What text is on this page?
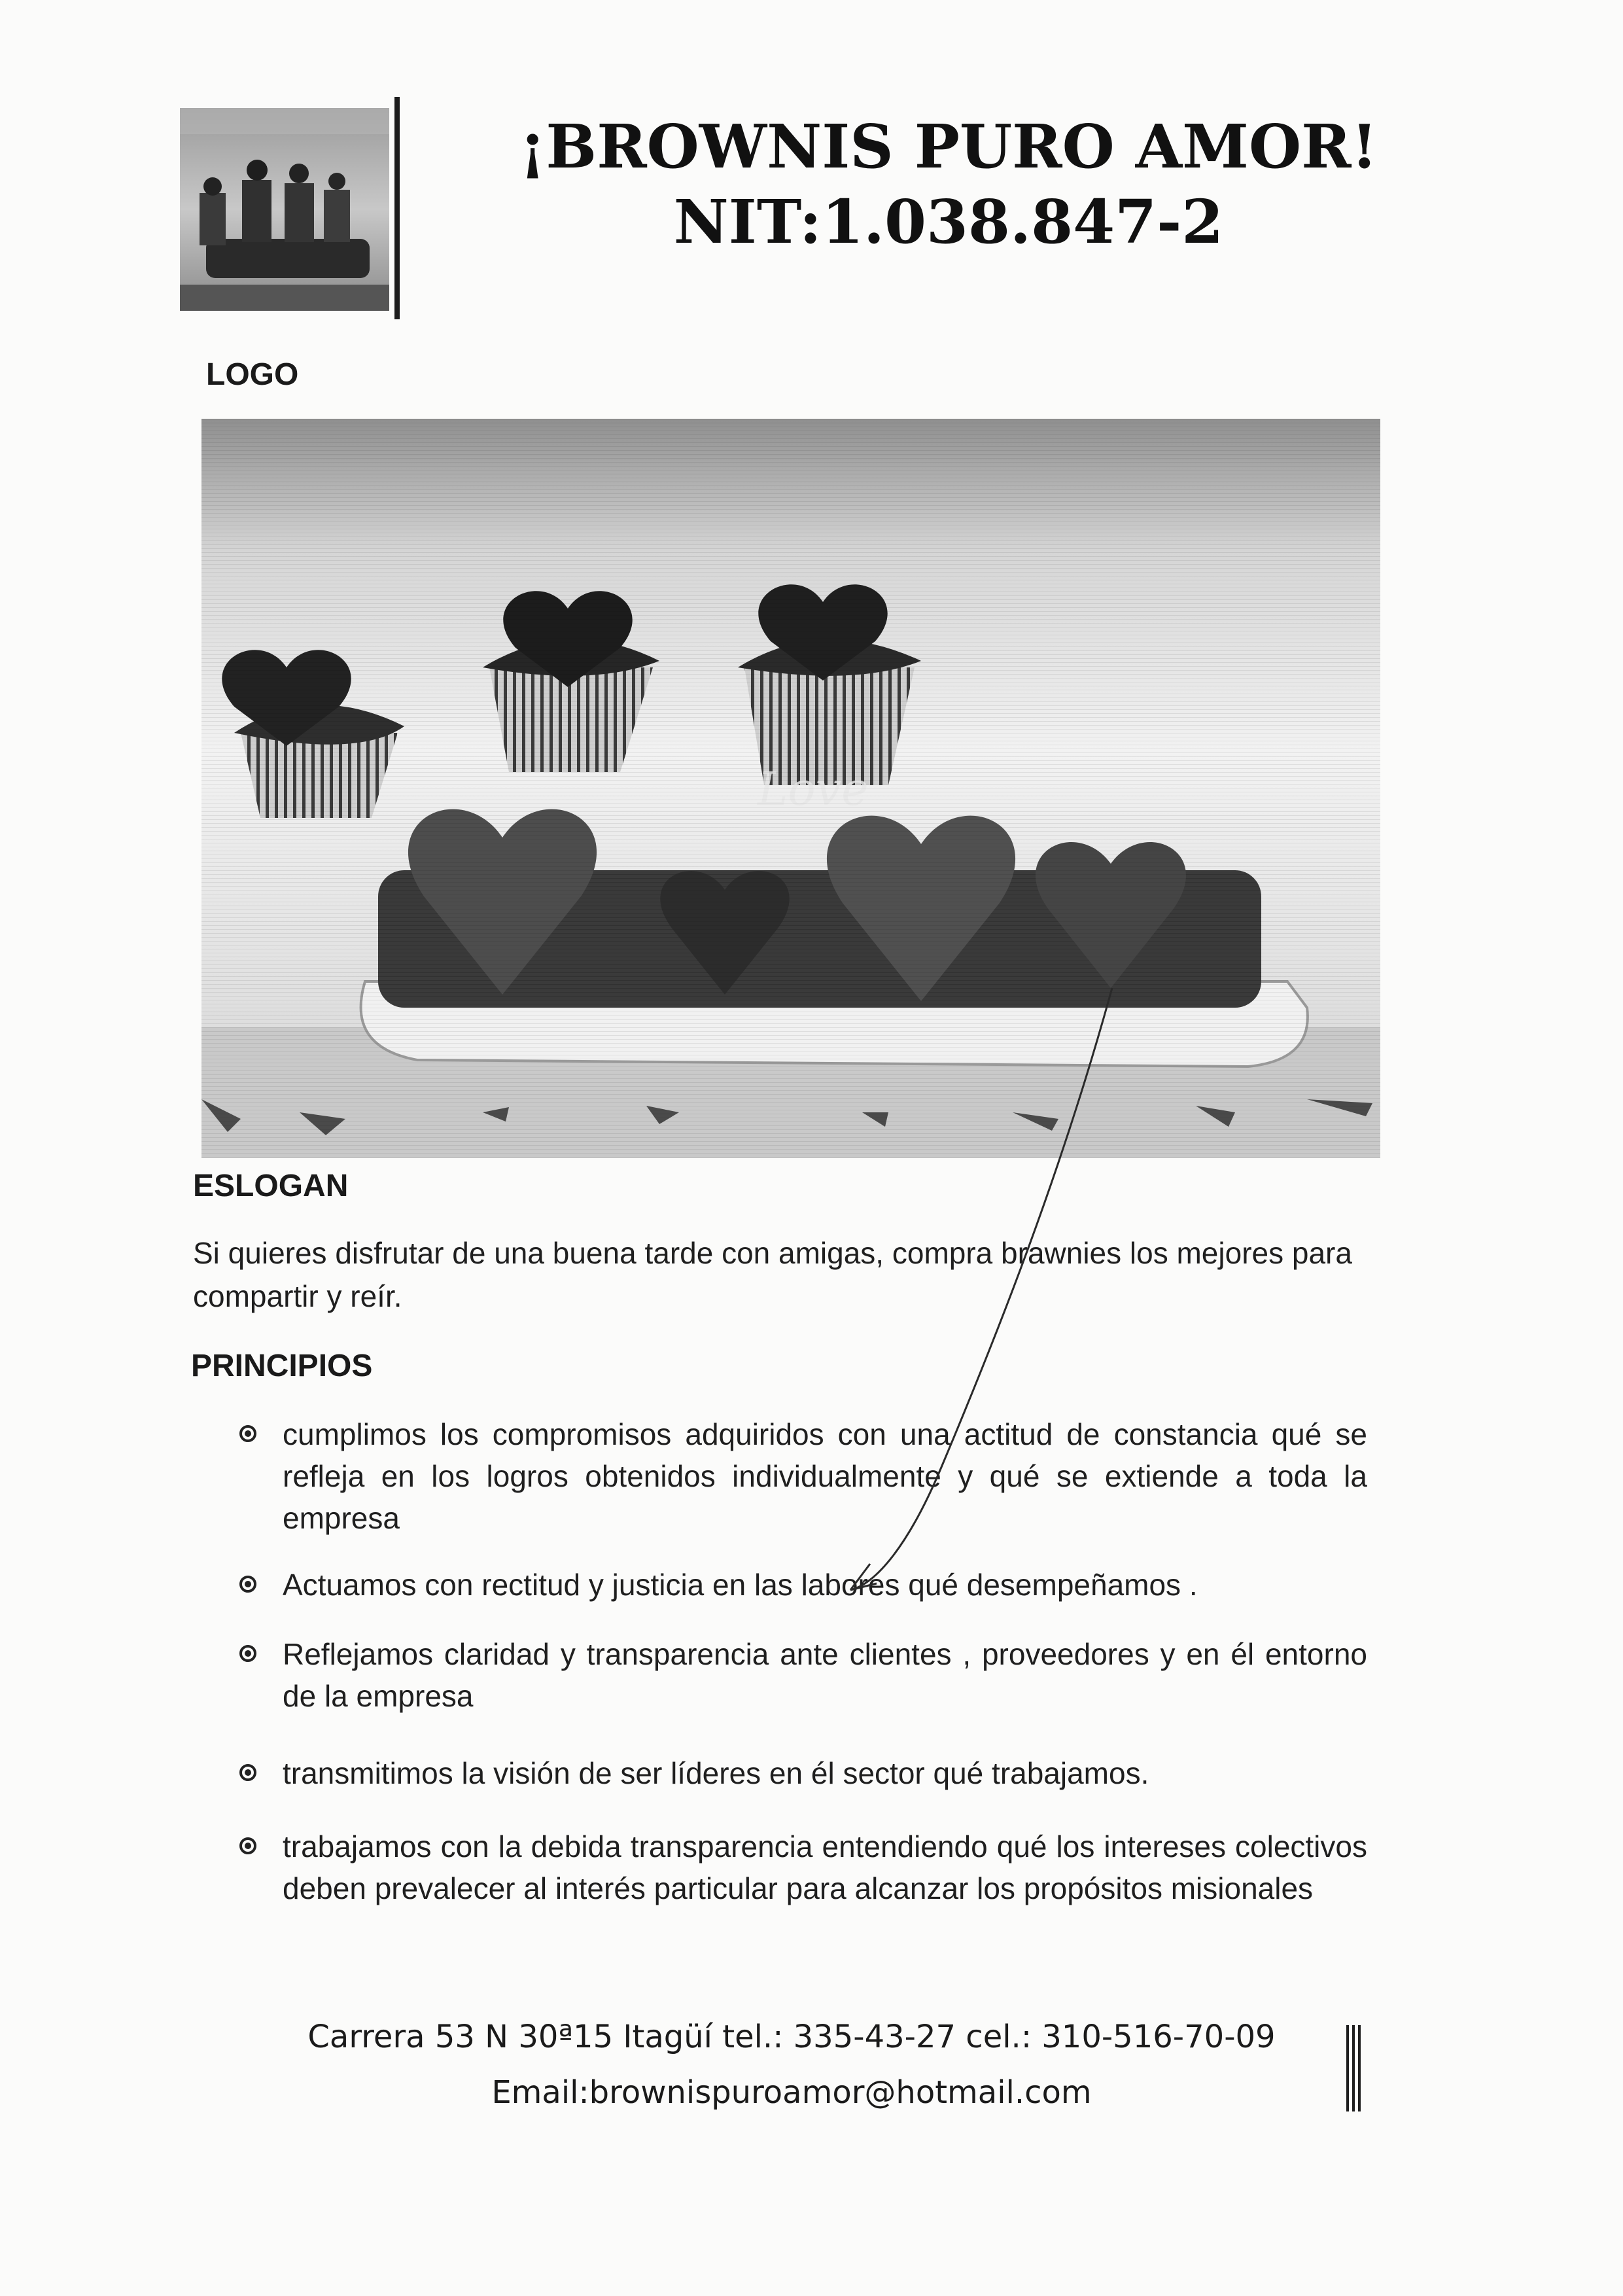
¡BROWNIS PURO AMOR!
NIT:1.038.847-2
LOGO
ESLOGAN
Si quieres disfrutar de una buena tarde con amigas, compra brawnies los mejores para compartir y reír.
PRINCIPIOS
cumplimos los compromisos adquiridos con una actitud de constancia qué se refleja en los logros obtenidos individualmente y qué se extiende a toda la empresa
Actuamos con rectitud y justicia en las labores qué desempeñamos .
Reflejamos claridad y transparencia ante clientes , proveedores y en él entorno de la empresa
transmitimos la visión de ser líderes en él sector qué trabajamos.
trabajamos con la debida transparencia entendiendo qué los intereses colectivos deben prevalecer al interés particular para alcanzar los propósitos misionales
Carrera 53 N 30ª15 Itagüí tel.: 335-43-27 cel.: 310-516-70-09
Email:brownispuroamor@hotmail.com
